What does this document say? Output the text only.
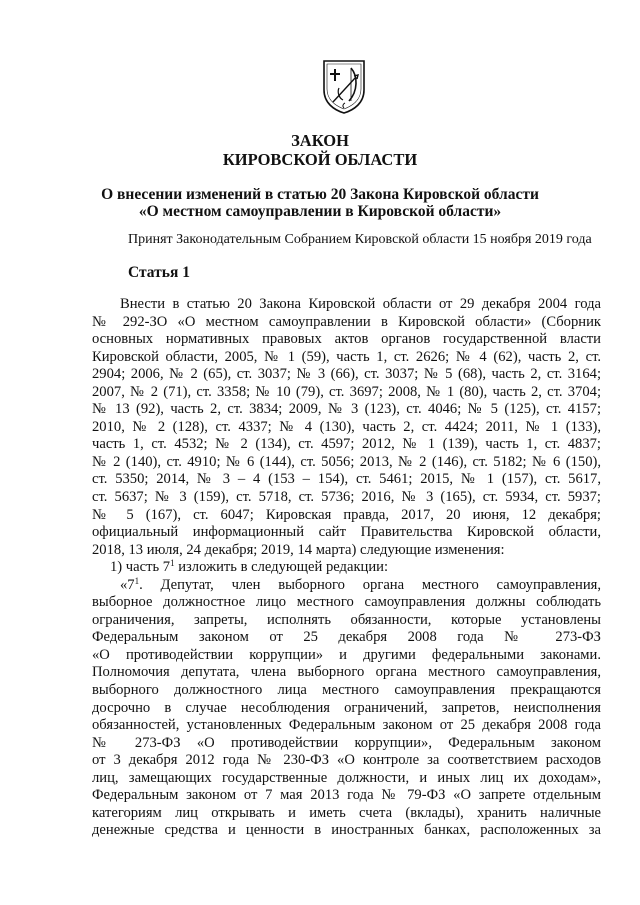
ЗАКОН
КИРОВСКОЙ ОБЛАСТИ
О внесении изменений в статью 20 Закона Кировской области
«О местном самоуправлении в Кировской области»
Принят Законодательным Собранием Кировской области 15 ноября 2019 года
Статья 1
Внести в статью 20 Закона Кировской области от 29 декабря 2004 года
№ 292-ЗО «О местном самоуправлении в Кировской области» (Сборник
основных нормативных правовых актов органов государственной власти
Кировской области, 2005, № 1 (59), часть 1, ст. 2626; № 4 (62), часть 2, ст.
2904; 2006, № 2 (65), ст. 3037; № 3 (66), ст. 3037; № 5 (68), часть 2, ст. 3164;
2007, № 2 (71), ст. 3358; № 10 (79), ст. 3697; 2008, № 1 (80), часть 2, ст. 3704;
№ 13 (92), часть 2, ст. 3834; 2009, № 3 (123), ст. 4046; № 5 (125), ст. 4157;
2010, № 2 (128), ст. 4337; № 4 (130), часть 2, ст. 4424; 2011, № 1 (133),
часть 1, ст. 4532; № 2 (134), ст. 4597; 2012, № 1 (139), часть 1, ст. 4837;
№ 2 (140), ст. 4910; № 6 (144), ст. 5056; 2013, № 2 (146), ст. 5182; № 6 (150),
ст. 5350; 2014, № 3 – 4 (153 – 154), ст. 5461; 2015, № 1 (157), ст. 5617,
ст. 5637; № 3 (159), ст. 5718, ст. 5736; 2016, № 3 (165), ст. 5934, ст. 5937;
№ 5 (167), ст. 6047; Кировская правда, 2017, 20 июня, 12 декабря;
официальный информационный сайт Правительства Кировской области,
2018, 13 июля, 24 декабря; 2019, 14 марта) следующие изменения:
1) часть $7^1$ изложить в следующей редакции:
«$7^1$. Депутат, член выборного органа местного самоуправления,
выборное должностное лицо местного самоуправления должны соблюдать
ограничения, запреты, исполнять обязанности, которые установлены
Федеральным законом от 25 декабря 2008 года № 273-ФЗ
«О противодействии коррупции» и другими федеральными законами.
Полномочия депутата, члена выборного органа местного самоуправления,
выборного должностного лица местного самоуправления прекращаются
досрочно в случае несоблюдения ограничений, запретов, неисполнения
обязанностей, установленных Федеральным законом от 25 декабря 2008 года
№ 273-ФЗ «О противодействии коррупции», Федеральным законом
от 3 декабря 2012 года № 230-ФЗ «О контроле за соответствием расходов
лиц, замещающих государственные должности, и иных лиц их доходам»,
Федеральным законом от 7 мая 2013 года № 79-ФЗ «О запрете отдельным
категориям лиц открывать и иметь счета (вклады), хранить наличные
денежные средства и ценности в иностранных банках, расположенных за
